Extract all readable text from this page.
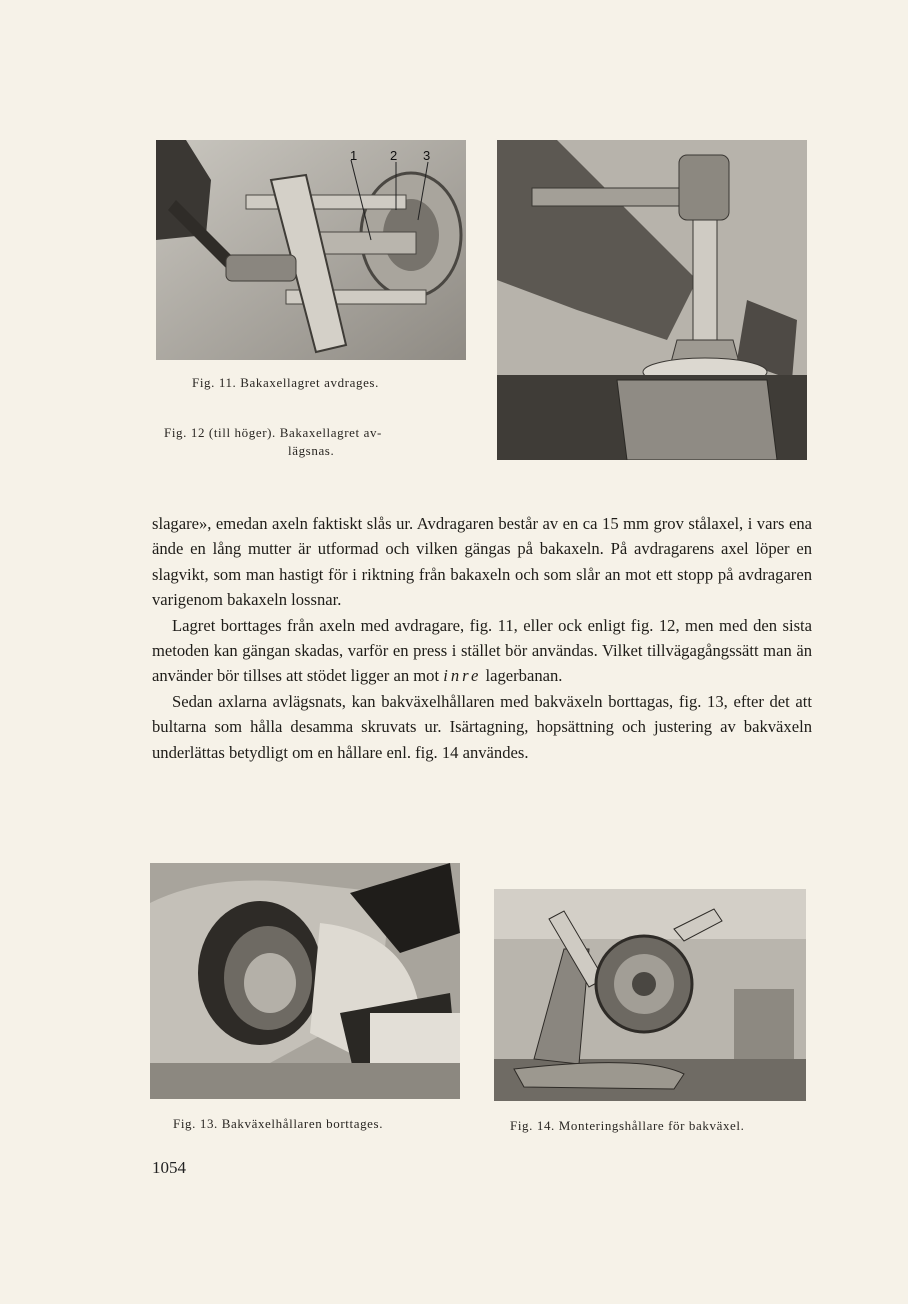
1	2 3
Fig. 11. Bakaxellagret avdrages.
Fig. 12 (till höger). Bakaxellagret av-
lägsnas.

slagare», emedan axeln faktiskt slås ur. Avdragaren består av en ca 15 mm grov stålaxel, i vars ena ände en lång mutter är utformad och vilken gängas på bakaxeln. På avdragarens axel löper en slagvikt, som man hastigt för i riktning från bakaxeln och som slår an mot ett stopp på avdragaren varigenom bakaxeln lossnar.

Lagret borttages från axeln med avdragare, fig. 11, eller ock enligt fig. 12, men med den sista metoden kan gängan skadas, varför en press i stället bör användas. Vilket tillvägagångssätt man än använder bör tillses att stödet ligger an mot inre lagerbanan.

Sedan axlarna avlägsnats, kan bakväxelhållaren med bakväxeln borttagas, fig. 13, efter det att bultarna som hålla desamma skruvats ur. Isärtagning, hopsättning och justering av bakväxeln underlättas betydligt om en hållare enl. fig. 14 användes.

Fig. 13. Bakväxelhållaren borttages.	Fig. 14. Monteringshållare för bakväxel.
1054
